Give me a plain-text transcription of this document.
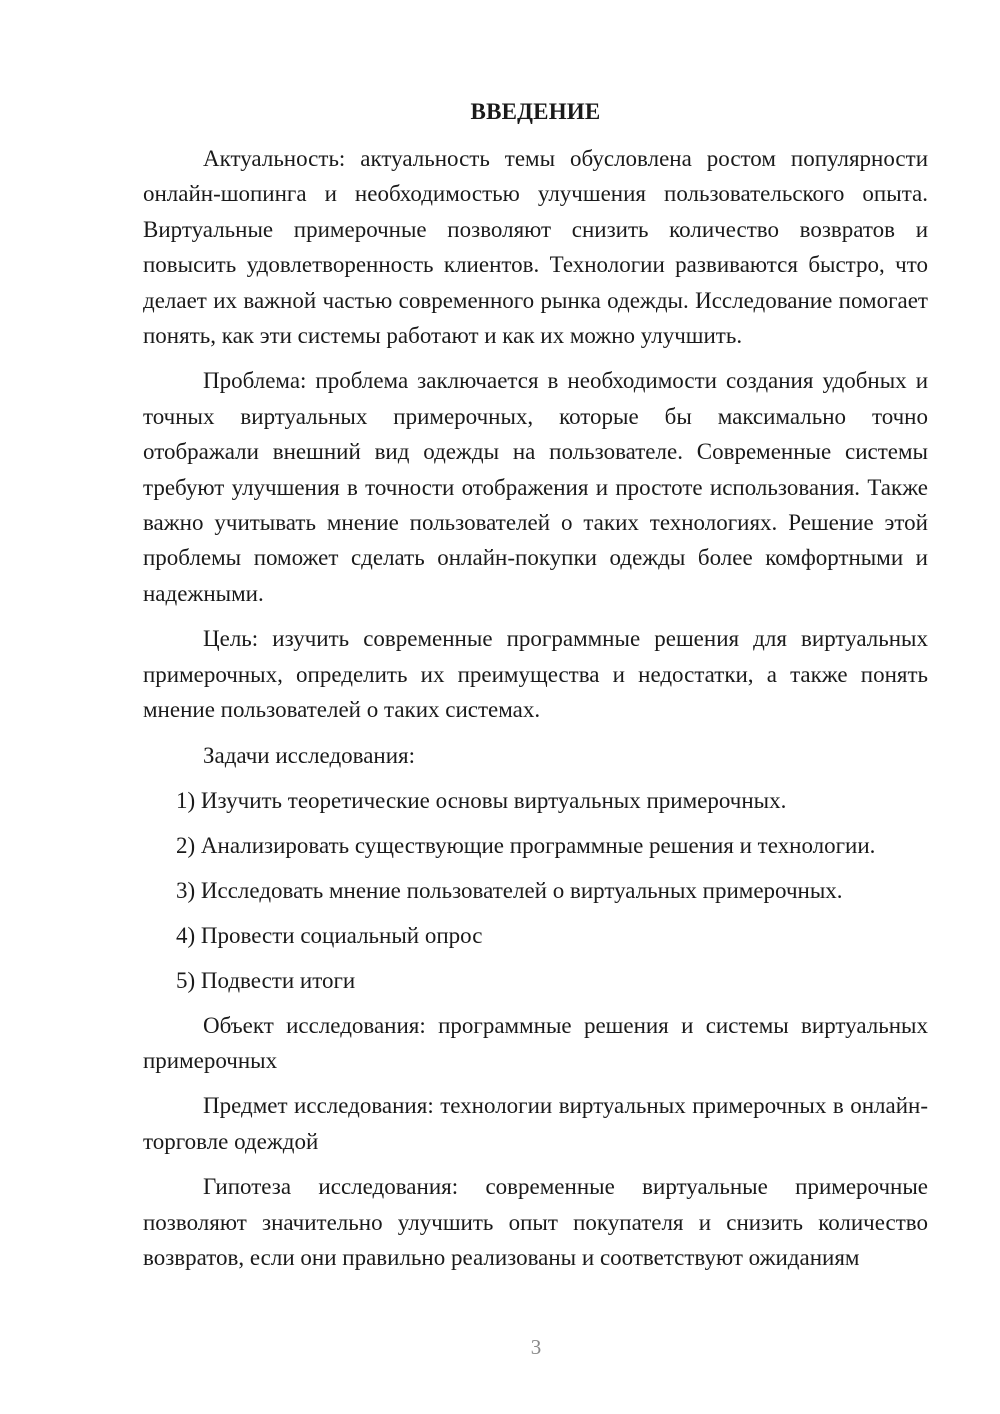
ВВЕДЕНИЕ

Актуальность: актуальность темы обусловлена ростом популярности онлайн-шопинга и необходимостью улучшения пользовательского опыта. Виртуальные примерочные позволяют снизить количество возвратов и повысить удовлетворенность клиентов. Технологии развиваются быстро, что делает их важной частью современного рынка одежды. Исследование помогает понять, как эти системы работают и как их можно улучшить.

Проблема: проблема заключается в необходимости создания удобных и точных виртуальных примерочных, которые бы максимально точно отображали внешний вид одежды на пользователе. Современные системы требуют улучшения в точности отображения и простоте использования. Также важно учитывать мнение пользователей о таких технологиях. Решение этой проблемы поможет сделать онлайн-покупки одежды более комфортными и надежными.

Цель: изучить современные программные решения для виртуальных примерочных, определить их преимущества и недостатки, а также понять мнение пользователей о таких системах.

Задачи исследования:

1) Изучить теоретические основы виртуальных примерочных.
2) Анализировать существующие программные решения и технологии.
3) Исследовать мнение пользователей о виртуальных примерочных.
4) Провести социальный опрос
5) Подвести итоги

Объект исследования: программные решения и системы виртуальных примерочных

Предмет исследования: технологии виртуальных примерочных в онлайн-торговле одеждой

Гипотеза исследования: современные виртуальные примерочные позволяют значительно улучшить опыт покупателя и снизить количество возвратов, если они правильно реализованы и соответствуют ожиданиям

3
